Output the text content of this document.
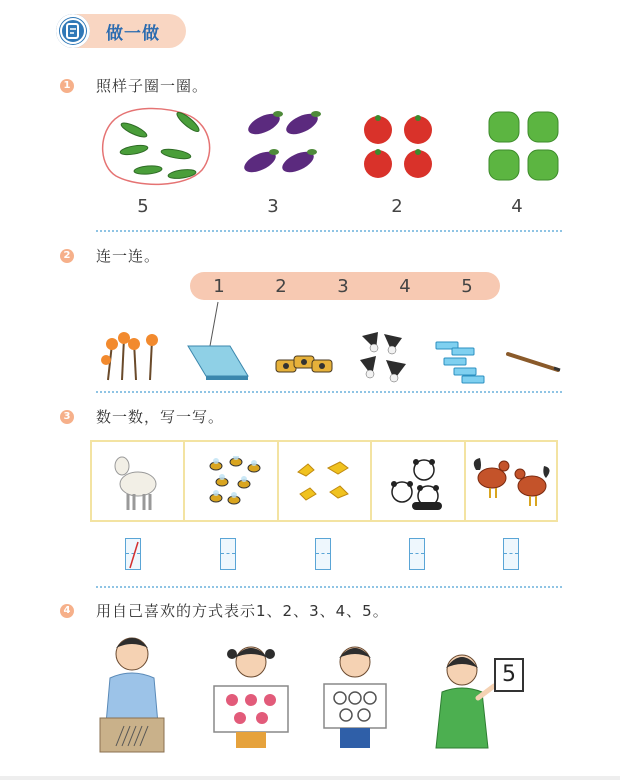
做一做
1 照样子圈一圈。
5	3	2	4
2 连一连。
1	2	3	4	5
3 数一数，写一写。
4 用自己喜欢的方式表示1、2、3、4、5。
5
